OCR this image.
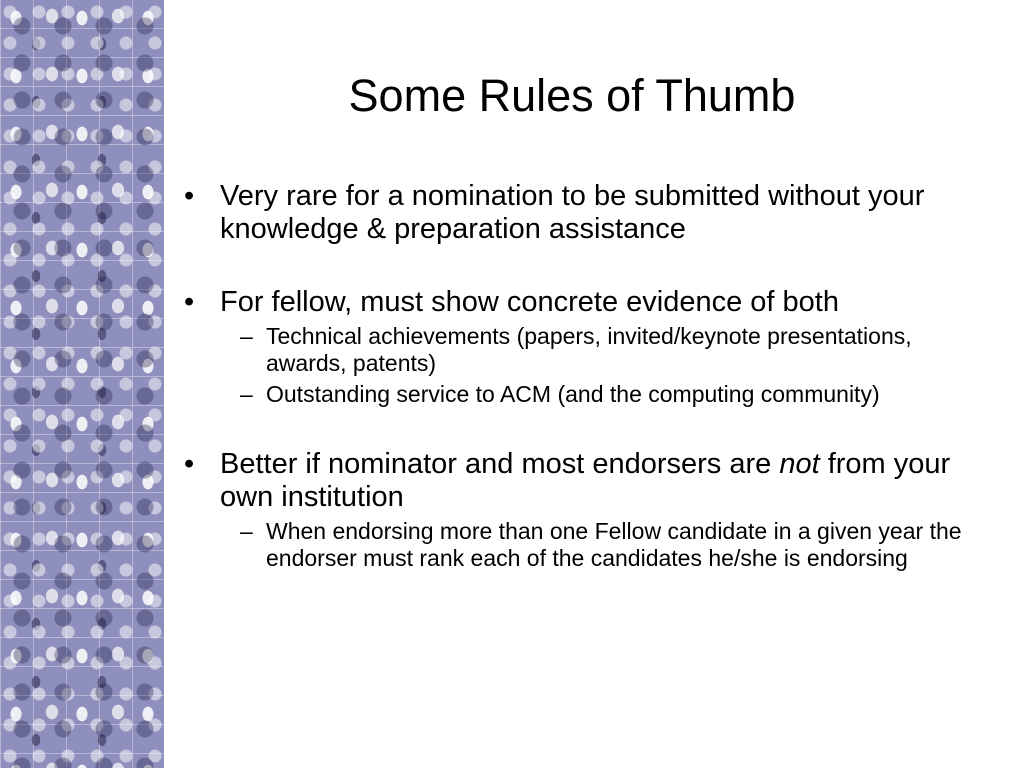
Some Rules of Thumb
• Very rare for a nomination to be submitted without your knowledge & preparation assistance
• For fellow, must show concrete evidence of both
– Technical achievements (papers, invited/keynote presentations, awards, patents)
– Outstanding service to ACM (and the computing community)
• Better if nominator and most endorsers are not from your own institution
– When endorsing more than one Fellow candidate in a given year the endorser must rank each of the candidates he/she is endorsing
